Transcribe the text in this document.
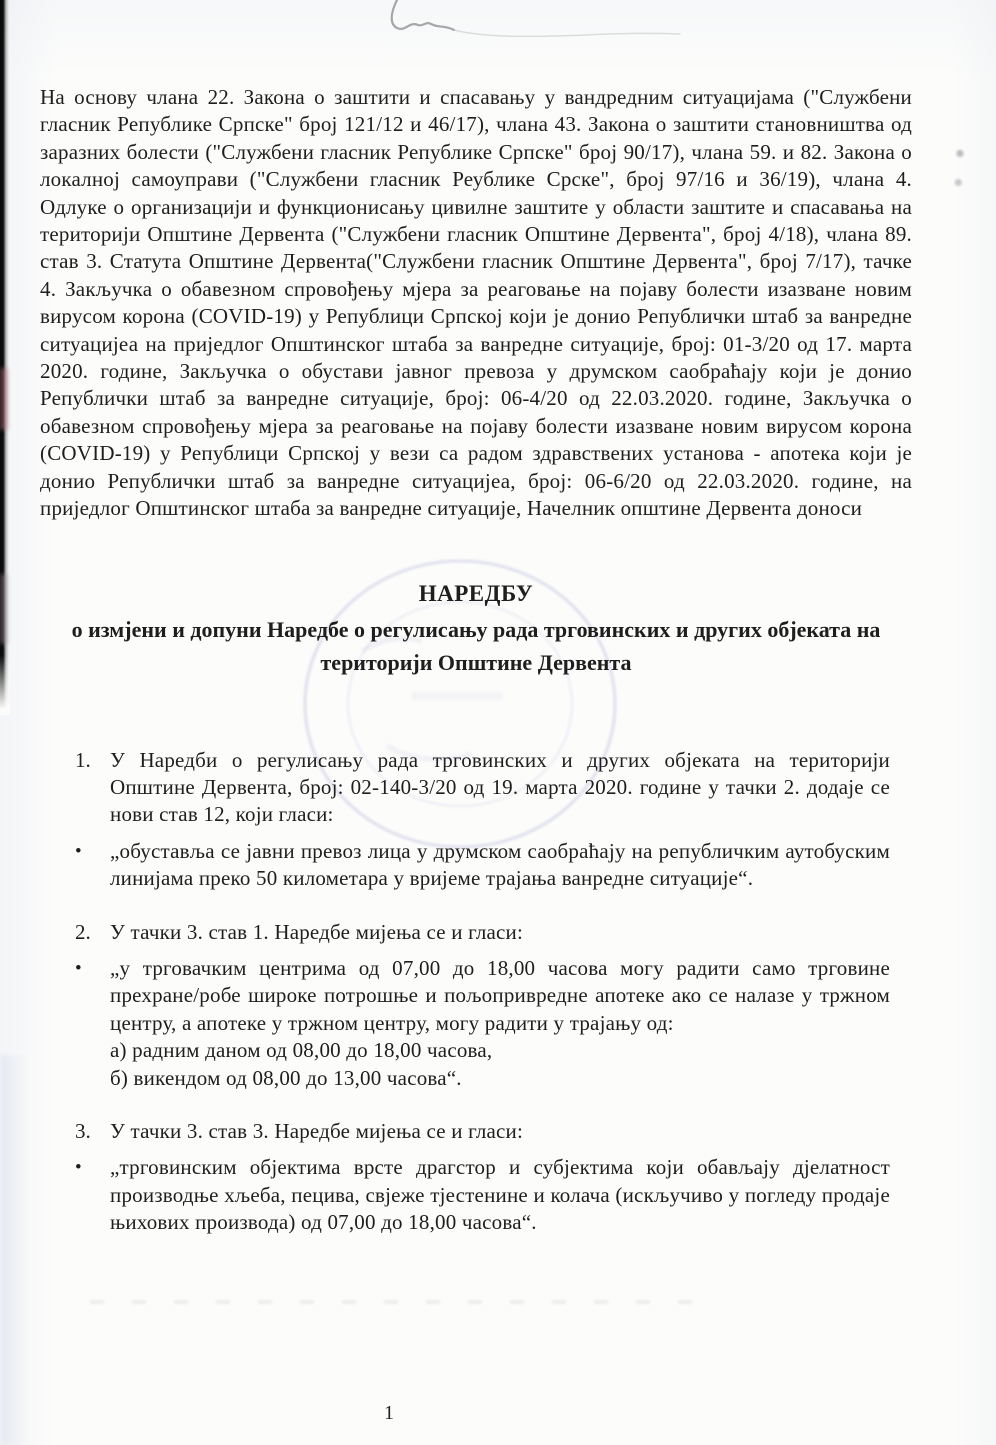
На основу члана 22. Закона о заштити и спасавању у вандредним ситуацијама ("Службени гласник Републике Српске" број 121/12 и 46/17), члана 43. Закона о заштити становништва од заразних болести ("Службени гласник Републике Српске" број 90/17), члана 59. и 82. Закона о локалној самоуправи ("Службени гласник Реублике Срске", број 97/16 и 36/19), члана 4. Одлуке о организацији и функционисању цивилне заштите у области заштите и спасавања на територији Општине Дервента ("Службени гласник Општине Дервента", број 4/18), члана 89. став 3. Статута Општине Дервента("Службени гласник Општине Дервента", број 7/17), тачке 4. Закључка о обавезном спровођењу мјера за реаговање на појаву болести изазване новим вирусом корона (COVID-19) у Републици Српској који је донио Републички штаб за ванредне ситуацијеа на приједлог Општинског штаба за ванредне ситуације, број: 01-3/20 од 17. марта 2020. године, Закључка о обустави јавног превоза у друмском саобраћају који је донио Републички штаб за ванредне ситуације, број: 06-4/20 од 22.03.2020. године, Закључка о обавезном спровођењу мјера за реаговање на појаву болести изазване новим вирусом корона (COVID-19) у Републици Српској у вези са радом здравствених установа - апотека који је донио Републички штаб за ванредне ситуацијеа, број: 06-6/20 од 22.03.2020. године, на приједлог Општинског штаба за ванредне ситуације, Начелник општине Дервента доноси

НАРЕДБУ
о измјени и допуни Наредбе о регулисању рада трговинских и других објеката на
територији Општине Дервента
1. У Наредби о регулисању рада трговинских и других објеката на територији Општине Дервента, број: 02-140-3/20 од 19. марта 2020. године у тачки 2. додаје се нови став 12, који гласи:
•	„обуставља се јавни превоз лица у друмском саобраћају на републичким аутобуским линијама преко 50 километара у вријеме трајања ванредне ситуације“.
2. У тачки 3. став 1. Наредбе мијења се и гласи:
•	„у трговачким центрима од 07,00 до 18,00 часова могу радити само трговине прехране/робе широке потрошње и пољопривредне апотеке ако се налазе у тржном центру, а апотеке у тржном центру, могу радити у трајању од:
а) радним даном од 08,00 до 18,00 часова,
б) викендом од 08,00 до 13,00 часова“.
3. У тачки 3. став 3. Наредбе мијења се и гласи:
•	„трговинским објектима врсте драгстор и субјектима који обављају дјелатност производње хљеба, пецива, свјеже тјестенине и колача (искључиво у погледу продаје њихових производа) од 07,00 до 18,00 часова“.
1
